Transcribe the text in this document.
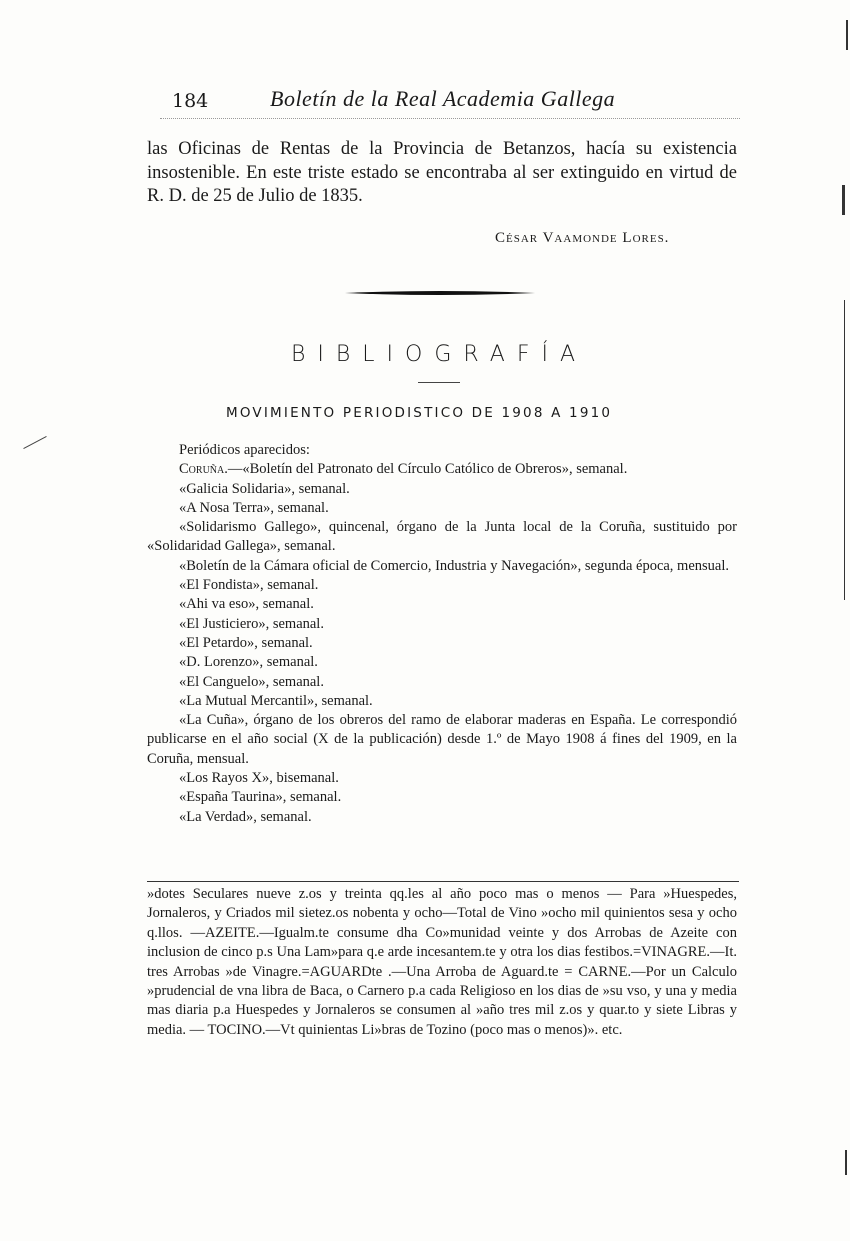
184	Boletín de la Real Academia Gallega

las Oficinas de Rentas de la Provincia de Betanzos, hacía su existencia insostenible. En este triste estado se encontraba al ser extinguido en virtud de R. D. de 25 de Julio de 1835.

César Vaamonde Lores.
BIBLIOGRAFÍA
MOVIMIENTO PERIODISTICO DE 1908 A 1910

Periódicos aparecidos:

Coruña.—«Boletín del Patronato del Círculo Católico de Obreros», semanal.

«Galicia Solidaria», semanal.

«A Nosa Terra», semanal.

«Solidarismo Gallego», quincenal, órgano de la Junta local de la Coruña, sustituido por «Solidaridad Gallega», semanal.

«Boletín de la Cámara oficial de Comercio, Industria y Navegación», segunda época, mensual.

«El Fondista», semanal.

«Ahi va eso», semanal.

«El Justiciero», semanal.

«El Petardo», semanal.

«D. Lorenzo», semanal.

«El Canguelo», semanal.

«La Mutual Mercantil», semanal.

«La Cuña», órgano de los obreros del ramo de elaborar maderas en España. Le correspondió publicarse en el año social (X de la publicación) desde 1.º de Mayo 1908 á fines del 1909, en la Coruña, mensual.

«Los Rayos X», bisemanal.

«España Taurina», semanal.

«La Verdad», semanal.

»dotes Seculares nueve z.os y treinta qq.les al año poco mas o menos — Para »Huespedes, Jornaleros, y Criados mil sietez.os nobenta y ocho—Total de Vino »ocho mil quinientos sesa y ocho q.llos. —AZEITE.—Igualm.te consume dha Co»munidad veinte y dos Arrobas de Azeite con inclusion de cinco p.s Una Lam»para q.e arde incesantem.te y otra los dias festibos.=VINAGRE.—It. tres Arrobas »de Vinagre.=AGUARDte .—Una Arroba de Aguard.te = CARNE.—Por un Calculo »prudencial de vna libra de Baca, o Carnero p.a cada Religioso en los dias de »su vso, y una y media mas diaria p.a Huespedes y Jornaleros se consumen al »año tres mil z.os y quar.to y siete Libras y media. — TOCINO.—Vt quinientas Li»bras de Tozino (poco mas o menos)». etc.
